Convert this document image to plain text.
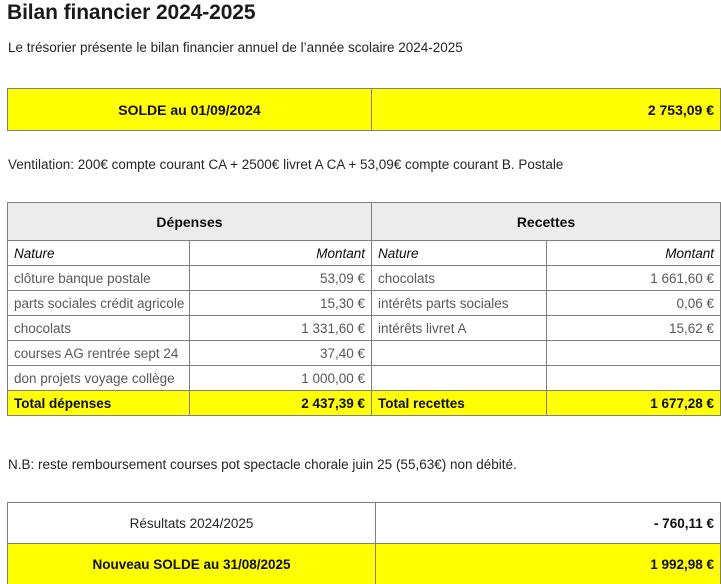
Bilan financier 2024-2025
Le trésorier présente le bilan financier annuel de l’année scolaire 2024-2025
SOLDE au 01/09/2024	2 753,09 €
Ventilation: 200€ compte courant CA + 2500€ livret A CA + 53,09€ compte courant B. Postale
Dépenses		Recettes	
Nature	Montant	Nature	Montant
clôture banque postale	53,09 €	chocolats	1 661,60 €
parts sociales crédit agricole	15,30 €	intérêts parts sociales	0,06 €
chocolats	1 331,60 €	intérêts livret A	15,62 €
courses AG rentrée sept 24	37,40 €		
don projets voyage collège	1 000,00 €		
Total dépenses	2 437,39 €	Total recettes	1 677,28 €
N.B: reste remboursement courses pot spectacle chorale juin 25 (55,63€) non débité.
Résultats 2024/2025	- 760,11 €
Nouveau SOLDE au 31/08/2025	1 992,98 €
